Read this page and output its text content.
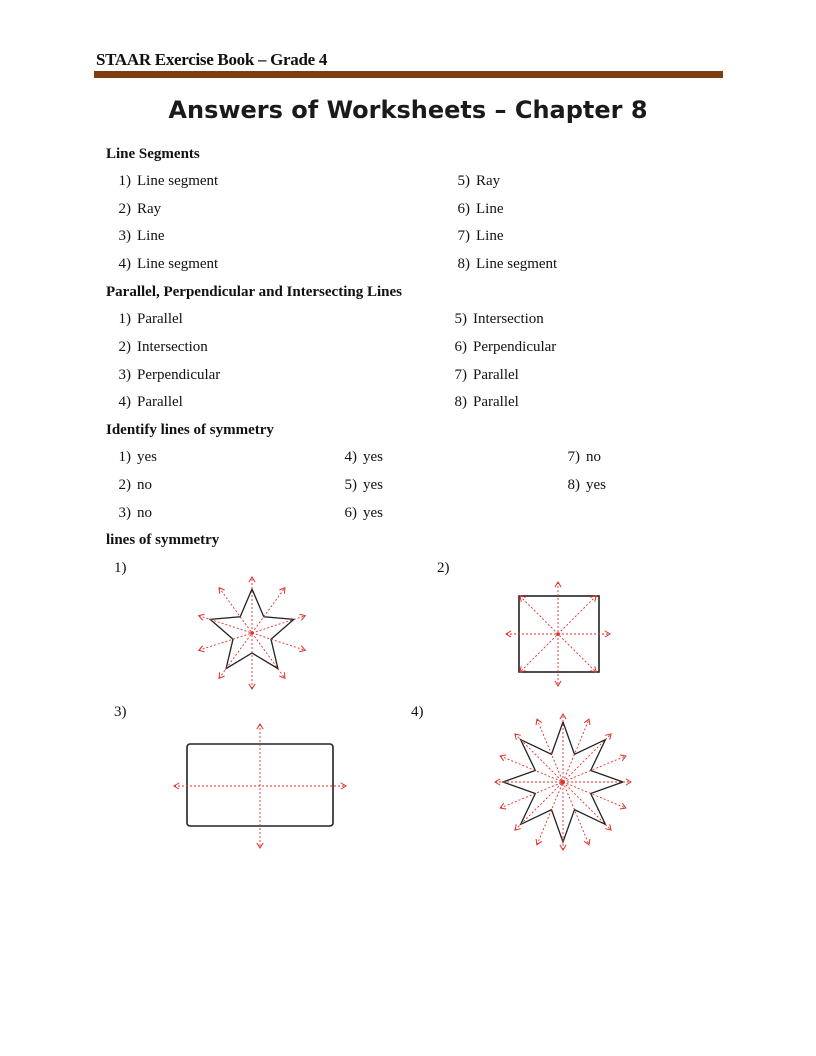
STAAR Exercise Book – Grade 4
Answers of Worksheets – Chapter 8
Line Segments
1) Line segment
2) Ray
3) Line
4) Line segment
5) Ray
6) Line
7) Line
8) Line segment
Parallel, Perpendicular and Intersecting Lines
1) Parallel
2) Intersection
3) Perpendicular
4) Parallel
5) Intersection
6) Perpendicular
7) Parallel
8) Parallel
Identify lines of symmetry
1) yes
2) no
3) no
4) yes
5) yes
6) yes
7) no
8) yes
lines of symmetry
1)	2)
3)	4)
